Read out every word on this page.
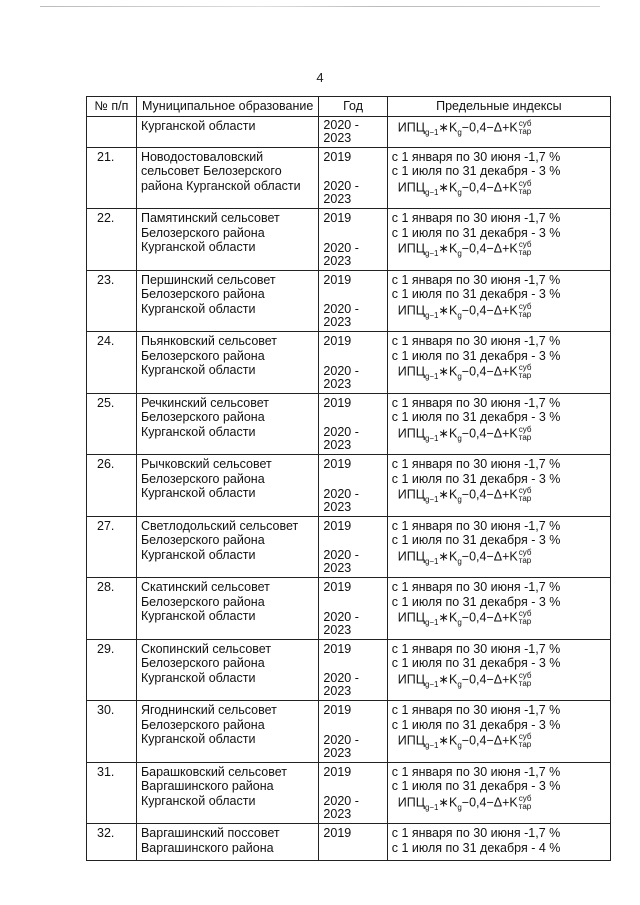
4
№ п/п	Муниципальное образование	Год	Предельные индексы

	Курганской области	2020 - 2023	$ИПЦ_{g-1}∗K_g-0,4-\Delta+K$ суб
тар

21.	Новодостоваловский
сельсовет Белозерского
района Курганской области	2019
2020 - 2023	с 1 января по 30 июня -1,7 %
с 1 июля по 31 декабря - 3 %
$ИПЦ_{g-1}∗K_g-0,4-\Delta+K$ суб
тар

22.	Памятинский сельсовет
Белозерского района
Курганской области	2019
2020 - 2023	с 1 января по 30 июня -1,7 %
с 1 июля по 31 декабря - 3 %
$ИПЦ_{g-1}∗K_g-0,4-\Delta+K$ суб
тар

23.	Першинский сельсовет
Белозерского района
Курганской области	2019
2020 - 2023	с 1 января по 30 июня -1,7 %
с 1 июля по 31 декабря - 3 %
$ИПЦ_{g-1}∗K_g-0,4-\Delta+K$ суб
тар

24.	Пьянковский сельсовет
Белозерского района
Курганской области	2019
2020 - 2023	с 1 января по 30 июня -1,7 %
с 1 июля по 31 декабря - 3 %
$ИПЦ_{g-1}∗K_g-0,4-\Delta+K$ суб
тар

25.	Речкинский сельсовет
Белозерского района
Курганской области	2019
2020 - 2023	с 1 января по 30 июня -1,7 %
с 1 июля по 31 декабря - 3 %
$ИПЦ_{g-1}∗K_g-0,4-\Delta+K$ суб
тар

26.	Рычковский сельсовет
Белозерского района
Курганской области	2019
2020 - 2023	с 1 января по 30 июня -1,7 %
с 1 июля по 31 декабря - 3 %
$ИПЦ_{g-1}∗K_g-0,4-\Delta+K$ суб
тар

27.	Светлодольский сельсовет
Белозерского района
Курганской области	2019
2020 - 2023	с 1 января по 30 июня -1,7 %
с 1 июля по 31 декабря - 3 %
$ИПЦ_{g-1}∗K_g-0,4-\Delta+K$ суб
тар

28.	Скатинский сельсовет
Белозерского района
Курганской области	2019
2020 - 2023	с 1 января по 30 июня -1,7 %
с 1 июля по 31 декабря - 3 %
$ИПЦ_{g-1}∗K_g-0,4-\Delta+K$ суб
тар

29.	Скопинский сельсовет
Белозерского района
Курганской области	2019
2020 - 2023	с 1 января по 30 июня -1,7 %
с 1 июля по 31 декабря - 3 %
$ИПЦ_{g-1}∗K_g-0,4-\Delta+K$ суб
тар

30.	Ягоднинский сельсовет
Белозерского района
Курганской области	2019
2020 - 2023	с 1 января по 30 июня -1,7 %
с 1 июля по 31 декабря - 3 %
$ИПЦ_{g-1}∗K_g-0,4-\Delta+K$ суб
тар

31.	Барашковский сельсовет
Варгашинского района
Курганской области	2019
2020 - 2023	с 1 января по 30 июня -1,7 %
с 1 июля по 31 декабря - 3 %
$ИПЦ_{g-1}∗K_g-0,4-\Delta+K$ суб
тар

32.	Варгашинский поссовет
Варгашинского района	2019	с 1 января по 30 июня -1,7 %
с 1 июля по 31 декабря - 4 %
